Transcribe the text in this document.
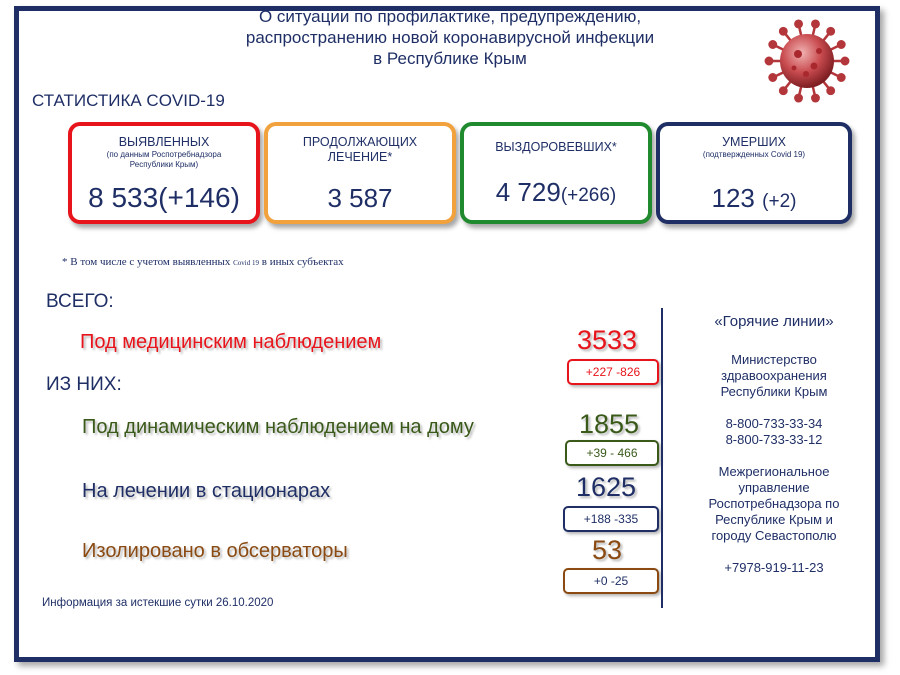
О ситуации по профилактике, предупреждению,
распространению новой коронавирусной инфекции
в Республике Крым
СТАТИСТИКА COVID-19
ВЫЯВЛЕННЫХ
(по данным Роспотребнадзора Республики Крым)
8 533(+146)
ПРОДОЛЖАЮЩИХ ЛЕЧЕНИЕ*
3 587
ВЫЗДОРОВЕВШИХ*
4 729(+266)
УМЕРШИХ
(подтвержденных Covid 19)
123 (+2)
* В том числе с учетом выявленных Covid 19 в иных субъектах
ВСЕГО:
ИЗ НИХ:
Под медицинским наблюдением	3533
+227 -826
Под динамическим наблюдением на дому	1855
+39 - 466
На лечении в стационарах	1625
+188 -335
Изолировано в обсерваторы	53
+0 -25
«Горячие линии»
Министерство здравоохранения Республики Крым
8-800-733-33-34
8-800-733-33-12
Межрегиональное управление Роспотребнадзора по Республике Крым и городу Севастополю
+7978-919-11-23
Информация за истекшие сутки 26.10.2020
